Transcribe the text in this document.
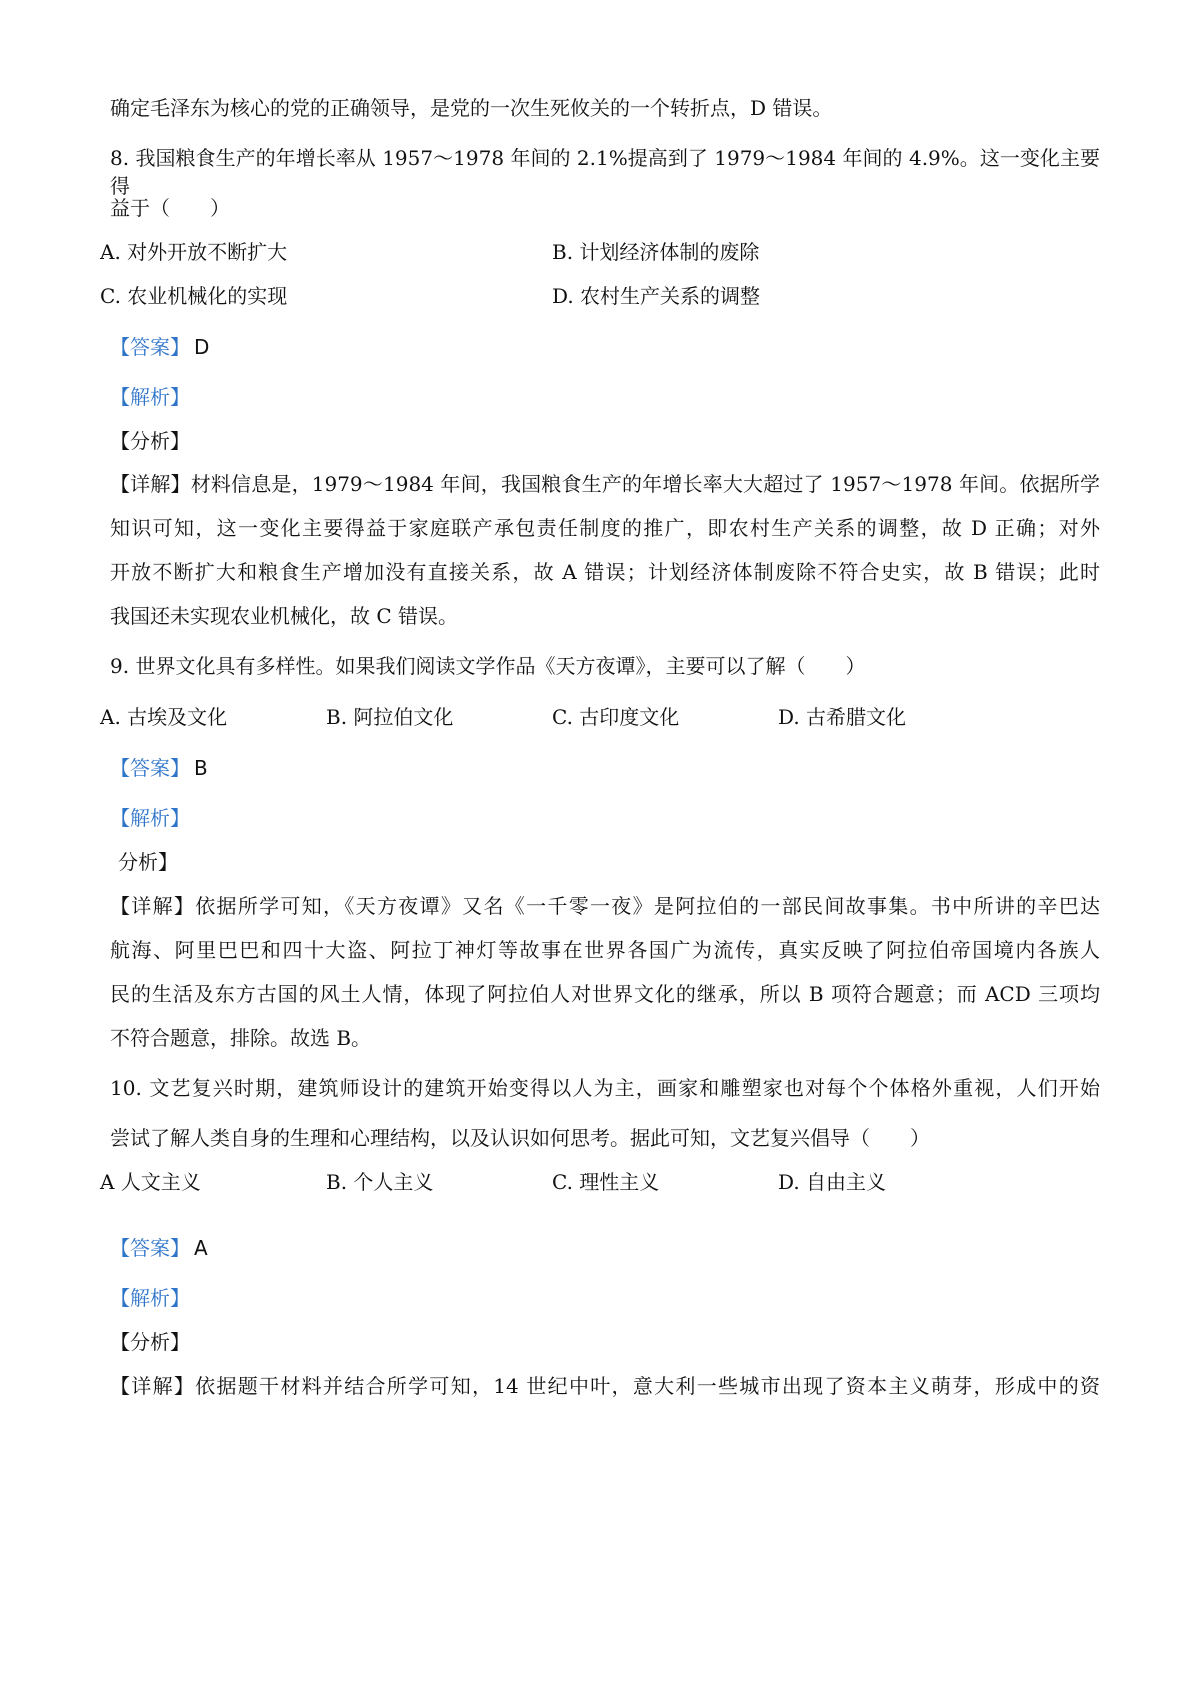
确定毛泽东为核心的党的正确领导，是党的一次生死攸关的一个转折点，D 错误。
8. 我国粮食生产的年增长率从 1957～1978 年间的 2.1%提高到了 1979～1984 年间的 4.9%。这一变化主要得
益于（　　）
A. 对外开放不断扩大	B. 计划经济体制的废除
C. 农业机械化的实现	D. 农村生产关系的调整
【答案】 D
【解析】
【分析】
【详解】材料信息是，1979～1984 年间，我国粮食生产的年增长率大大超过了 1957～1978 年间。依据所学
知识可知，这一变化主要得益于家庭联产承包责任制度的推广，即农村生产关系的调整，故 D 正确；对外
开放不断扩大和粮食生产增加没有直接关系，故 A 错误；计划经济体制废除不符合史实，故 B 错误；此时
我国还未实现农业机械化，故 C 错误。
9. 世界文化具有多样性。如果我们阅读文学作品《天方夜谭》，主要可以了解（　　）
A. 古埃及文化	B. 阿拉伯文化	C. 古印度文化	D. 古希腊文化
【答案】 B
【解析】
分析】
【详解】依据所学可知，《天方夜谭》又名《一千零一夜》是阿拉伯的一部民间故事集。书中所讲的辛巴达
航海、阿里巴巴和四十大盗、阿拉丁神灯等故事在世界各国广为流传，真实反映了阿拉伯帝国境内各族人
民的生活及东方古国的风土人情，体现了阿拉伯人对世界文化的继承，所以 B 项符合题意；而 ACD 三项均
不符合题意，排除。故选 B。
10. 文艺复兴时期，建筑师设计的建筑开始变得以人为主，画家和雕塑家也对每个个体格外重视，人们开始
尝试了解人类自身的生理和心理结构，以及认识如何思考。据此可知，文艺复兴倡导（　　）
A 人文主义	B. 个人主义	C. 理性主义	D. 自由主义
【答案】 A
【解析】
【分析】
【详解】依据题干材料并结合所学可知，14 世纪中叶，意大利一些城市出现了资本主义萌芽，形成中的资
